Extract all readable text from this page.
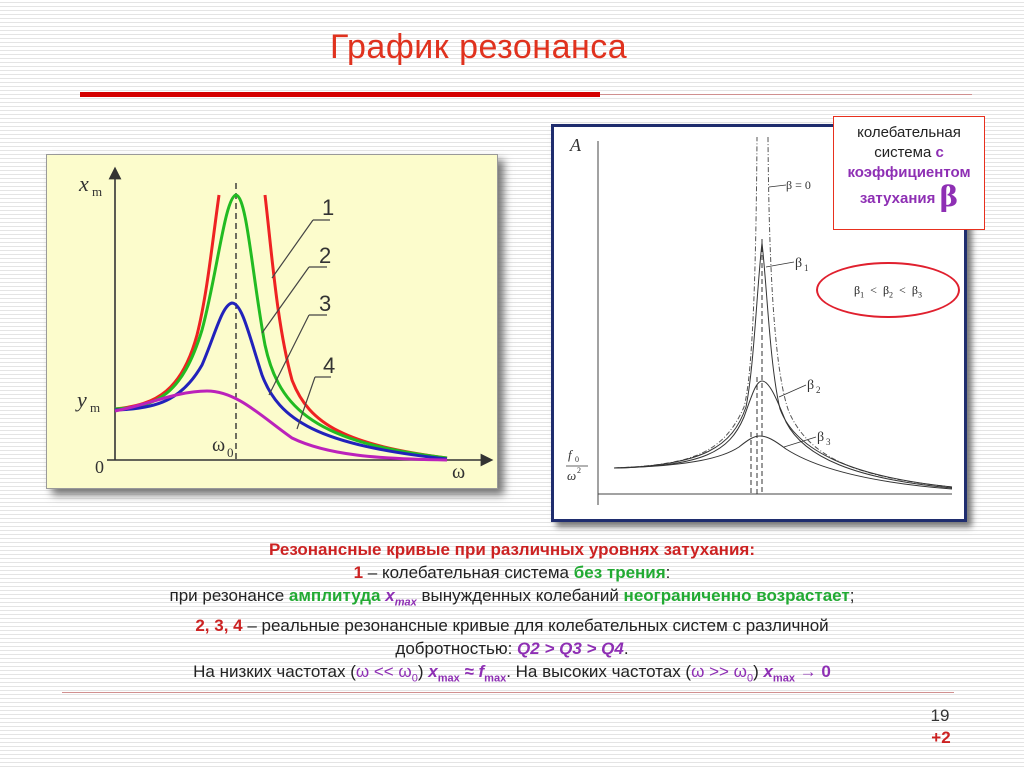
График резонанса
1
2
3
4
x m
y m
0
ω 0
ω
A
β = 0
β 1
β 2
β 3
f 0
ω 2
колебательная
система с
коэффициентом
затухания β
$\beta_1 < \beta_2 < \beta_3$
Резонансные кривые при различных уровнях затухания:
1 – колебательная система без трения:
при резонансе амплитуда $x_{max}$ вынужденных колебаний неограниченно возрастает;
2, 3, 4 – реальные резонансные кривые для колебательных систем с различной
добротностью: Q2 > Q3 > Q4.
На низких частотах $(\omega << \omega_0)$ $x_{max} \approx f_{max}$. На высоких частотах $(\omega >> \omega_0)$ $x_{max} \to 0$
19
+2
